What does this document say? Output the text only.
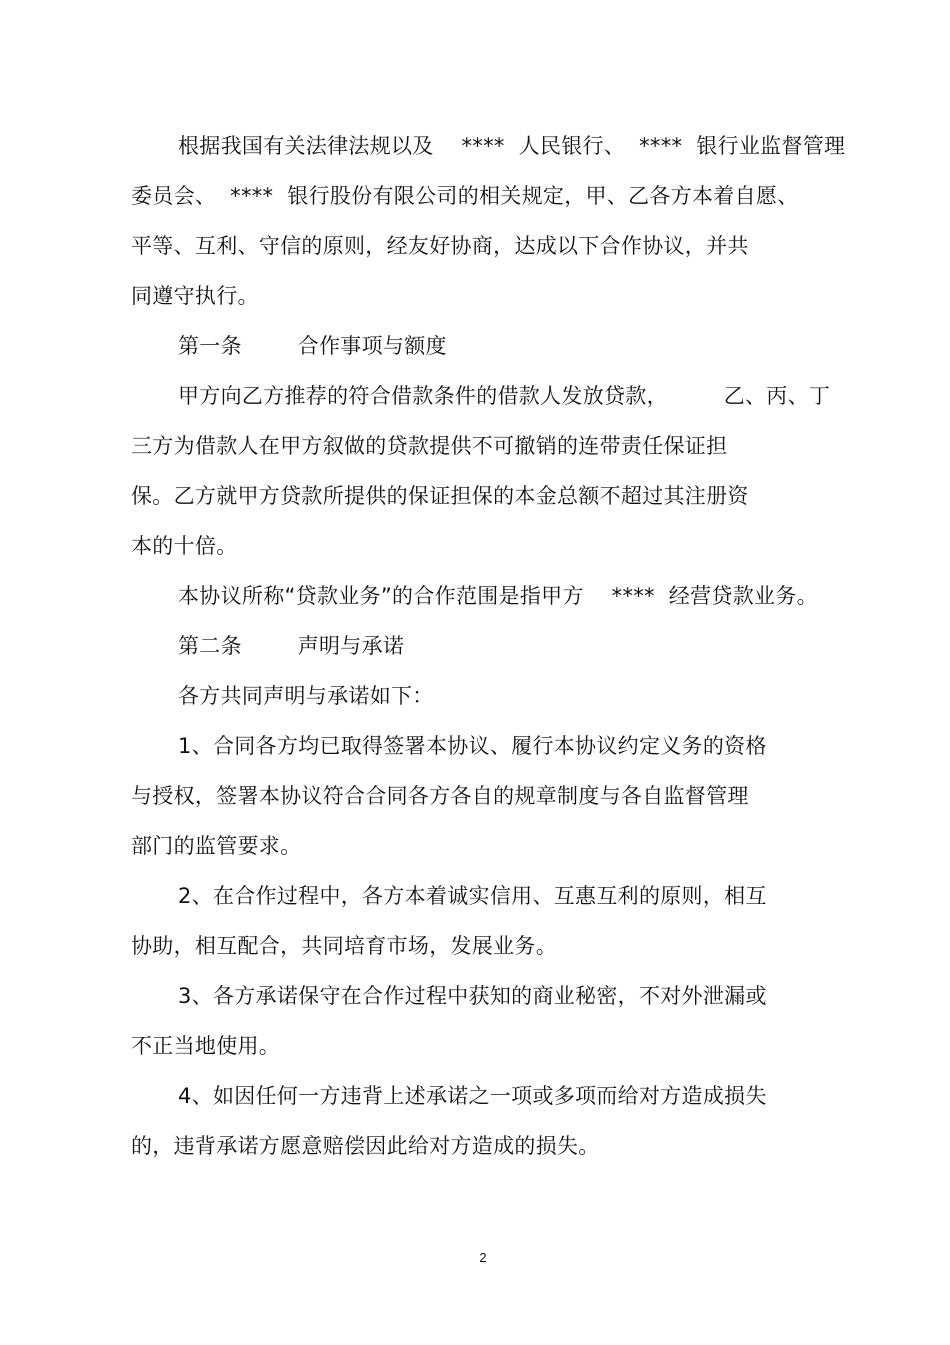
根据我国有关法律法规以及    ****  人民银行、  ****  银行业监督管理
委员会、  ****  银行股份有限公司的相关规定，甲、乙各方本着自愿、
平等、互利、守信的原则，经友好协商，达成以下合作协议，并共
同遵守执行。
第一条        合作事项与额度
甲方向乙方推荐的符合借款条件的借款人发放贷款，        乙、丙、丁
三方为借款人在甲方叙做的贷款提供不可撤销的连带责任保证担
保。乙方就甲方贷款所提供的保证担保的本金总额不超过其注册资
本的十倍。
本协议所称“贷款业务”的合作范围是指甲方    ****  经营贷款业务。
第二条        声明与承诺
各方共同声明与承诺如下：
1、合同各方均已取得签署本协议、履行本协议约定义务的资格
与授权，签署本协议符合合同各方各自的规章制度与各自监督管理
部门的监管要求。
2、在合作过程中，各方本着诚实信用、互惠互利的原则，相互
协助，相互配合，共同培育市场，发展业务。
3、各方承诺保守在合作过程中获知的商业秘密，不对外泄漏或
不正当地使用。
4、如因任何一方违背上述承诺之一项或多项而给对方造成损失
的，违背承诺方愿意赔偿因此给对方造成的损失。
2
